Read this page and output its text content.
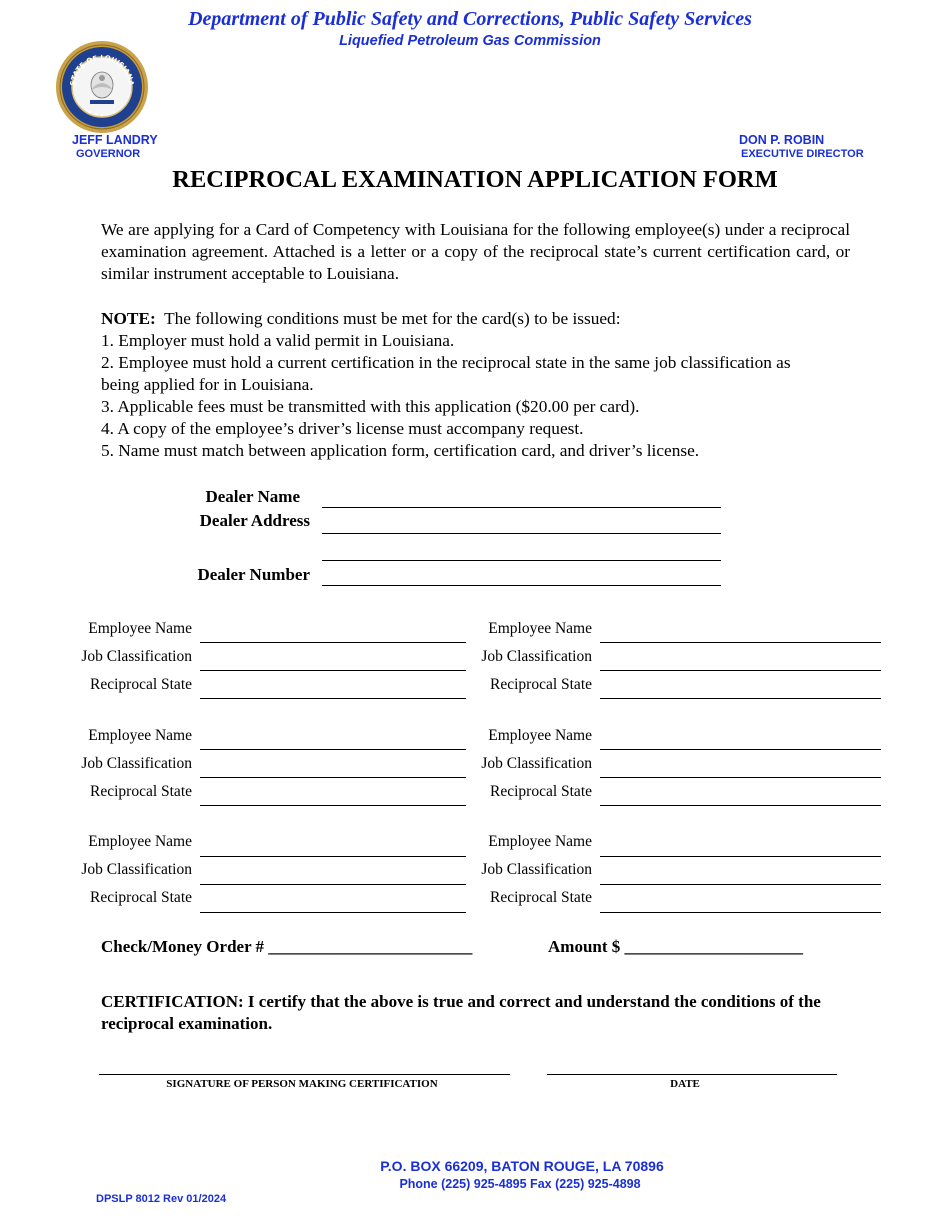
Department of Public Safety and Corrections, Public Safety Services
Liquefied Petroleum Gas Commission
STATE OF LOUISIANA
JEFF LANDRY
GOVERNOR
DON P. ROBIN
EXECUTIVE DIRECTOR
RECIPROCAL EXAMINATION APPLICATION FORM
We are applying for a Card of Competency with Louisiana for the following employee(s) under a reciprocal examination agreement. Attached is a letter or a copy of the reciprocal state’s current certification card, or similar instrument acceptable to Louisiana.
NOTE: The following conditions must be met for the card(s) to be issued:
1. Employer must hold a valid permit in Louisiana.
2. Employee must hold a current certification in the reciprocal state in the same job classification as
being applied for in Louisiana.
3. Applicable fees must be transmitted with this application ($20.00 per card).
4. A copy of the employee’s driver’s license must accompany request.
5. Name must match between application form, certification card, and driver’s license.
Dealer Name
Dealer Address
Dealer Number
Employee Name
Job Classification
Reciprocal State
Employee Name
Job Classification
Reciprocal State
Employee Name
Job Classification
Reciprocal State
Employee Name
Job Classification
Reciprocal State
Employee Name
Job Classification
Reciprocal State
Employee Name
Job Classification
Reciprocal State
Check/Money Order # ________________________	Amount $ _____________________
CERTIFICATION: I certify that the above is true and correct and understand the conditions of the reciprocal examination.
SIGNATURE OF PERSON MAKING CERTIFICATION	DATE
P.O. BOX 66209, BATON ROUGE, LA 70896
Phone (225) 925-4895 Fax (225) 925-4898
DPSLP 8012 Rev 01/2024
